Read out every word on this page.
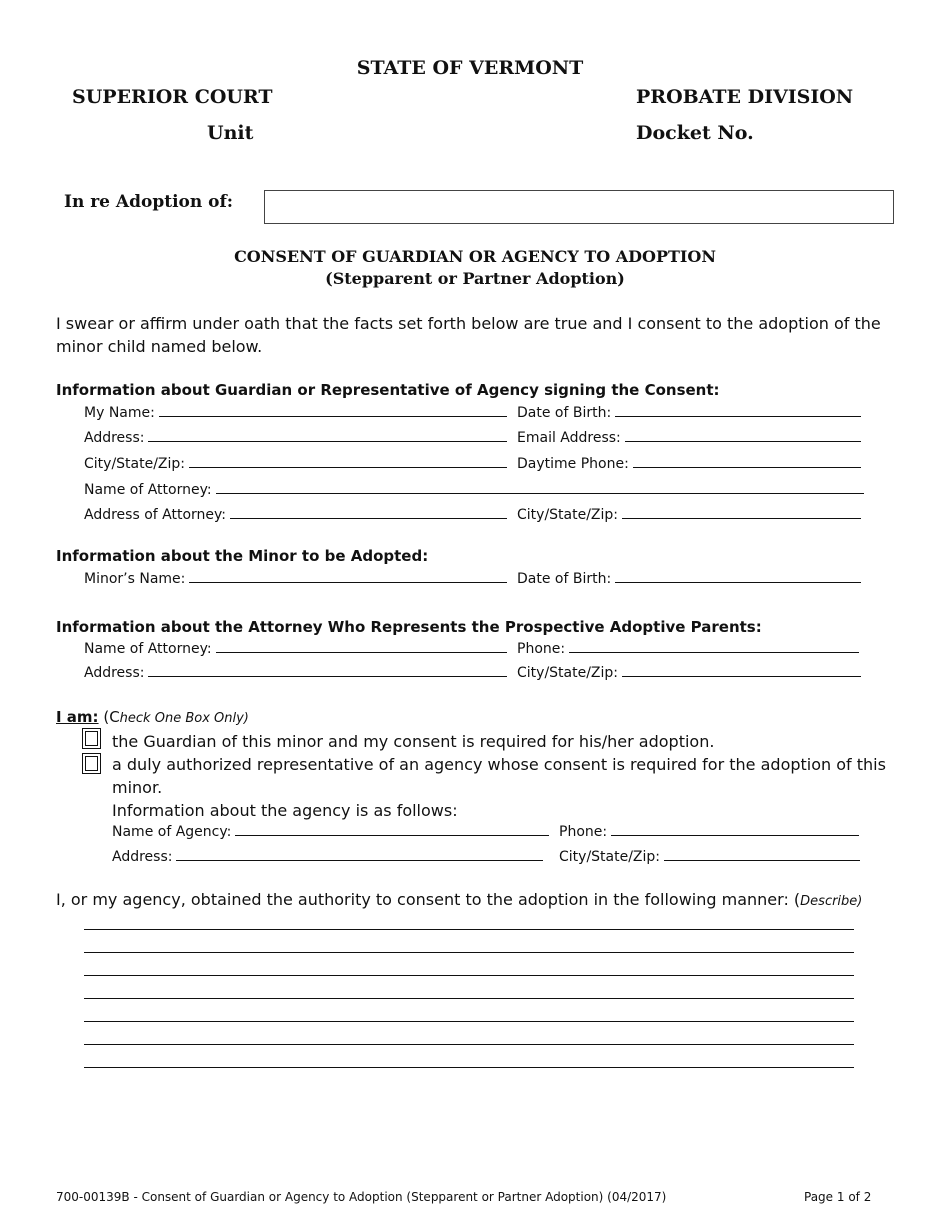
STATE OF VERMONT
SUPERIOR COURT	PROBATE DIVISION
Unit	Docket No.
In re Adoption of:
CONSENT OF GUARDIAN OR AGENCY TO ADOPTION
(Stepparent or Partner Adoption)
I swear or affirm under oath that the facts set forth below are true and I consent to the adoption of the minor child named below.
Information about Guardian or Representative of Agency signing the Consent:
My Name:	Date of Birth:
Address:	Email Address:
City/State/Zip:	Daytime Phone:
Name of Attorney:
Address of Attorney:	City/State/Zip:
Information about the Minor to be Adopted:
Minor’s Name:	Date of Birth:
Information about the Attorney Who Represents the Prospective Adoptive Parents:
Name of Attorney:	Phone:
Address:	City/State/Zip:
I am: (Check One Box Only)
the Guardian of this minor and my consent is required for his/her adoption.
a duly authorized representative of an agency whose consent is required for the adoption of this
minor.
Information about the agency is as follows:
Name of Agency:	Phone:
Address:	City/State/Zip:
I, or my agency, obtained the authority to consent to the adoption in the following manner: (Describe)
700-00139B - Consent of Guardian or Agency to Adoption (Stepparent or Partner Adoption) (04/2017)	Page 1 of 2
